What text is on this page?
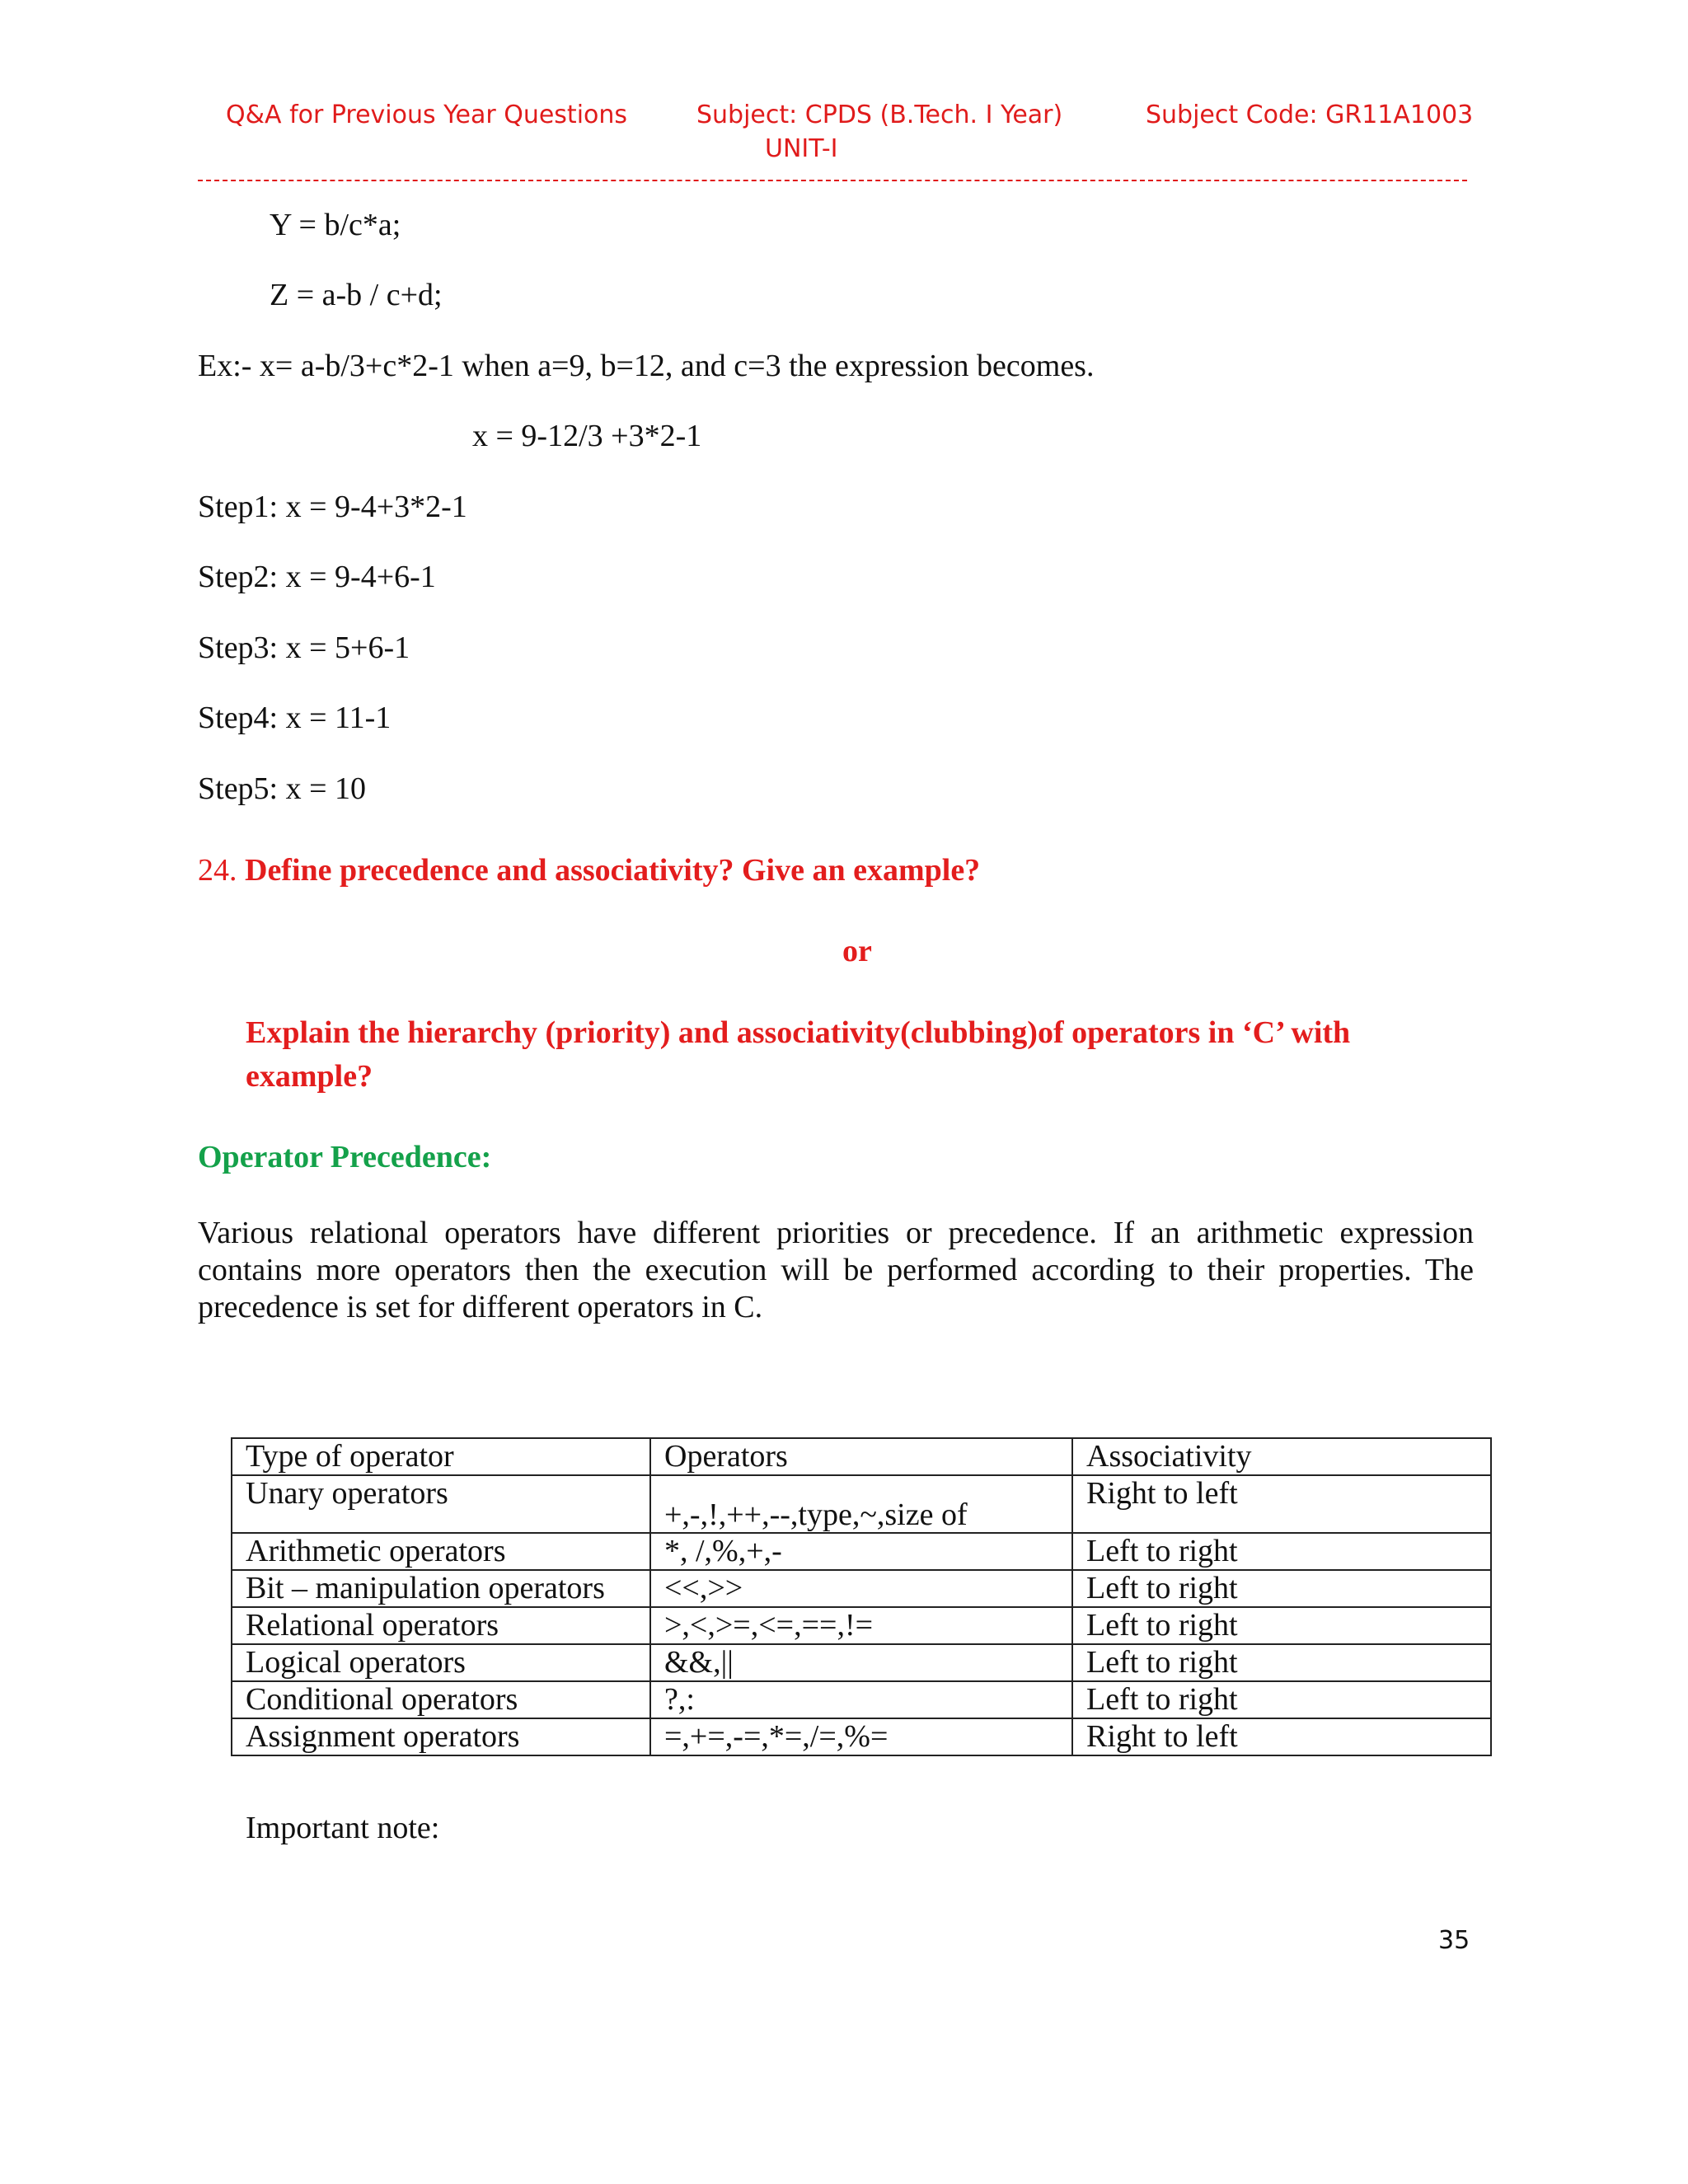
Q&A for Previous Year Questions	Subject: CPDS (B.Tech. I Year)
UNIT-I
Subject Code: GR11A1003
Y = b/c*a;
Z = a-b / c+d;
Ex:- x= a-b/3+c*2-1 when a=9, b=12, and c=3 the expression becomes.
x = 9-12/3 +3*2-1
Step1: x = 9-4+3*2-1
Step2: x = 9-4+6-1
Step3: x = 5+6-1
Step4: x = 11-1
Step5: x = 10
24. Define precedence and associativity? Give an example?
or
Explain the hierarchy (priority) and associativity(clubbing)of operators in ‘C’ with
example?
Operator Precedence:
Various relational operators have different priorities or precedence. If an arithmetic expression contains more operators then the execution will be performed according to their properties. The precedence is set for different operators in C.
Type of operator	Operators	Associativity
Unary operators	+,-,!,++,--,type,~,size of	Right to left
Arithmetic operators	*, /,%,+,-	Left to right
Bit – manipulation operators	<<,>>	Left to right
Relational operators	>,<,>=,<=,==,!=	Left to right
Logical operators	&&,||	Left to right
Conditional operators	?,:	Left to right
Assignment operators	=,+=,-=,*=,/=,%=	Right to left
Important note:
35
